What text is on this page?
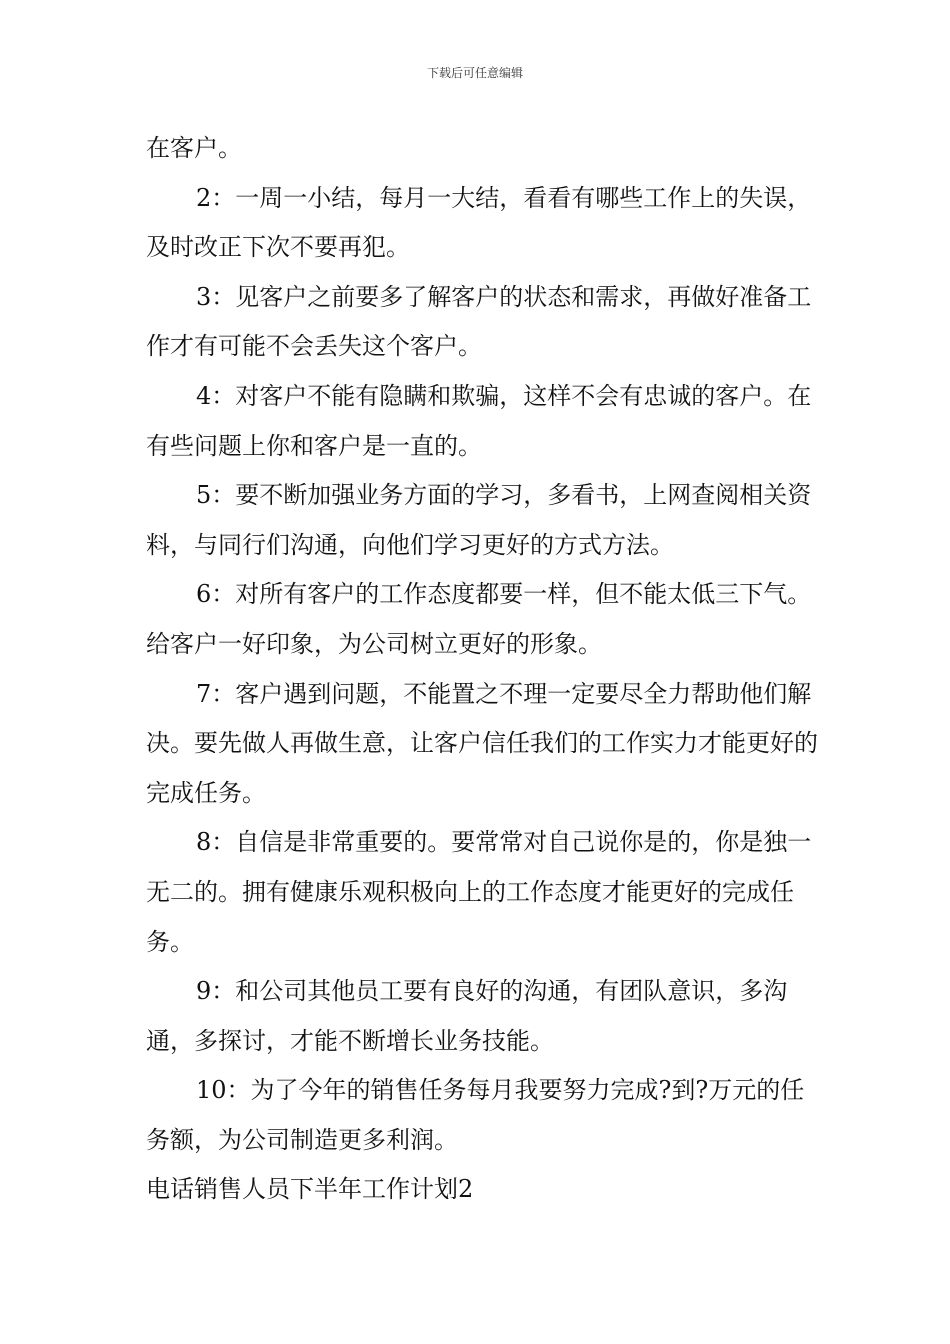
下载后可任意编辑

在客户。

2：一周一小结，每月一大结，看看有哪些工作上的失误，及时改正下次不要再犯。

3：见客户之前要多了解客户的状态和需求，再做好准备工作才有可能不会丢失这个客户。

4：对客户不能有隐瞒和欺骗，这样不会有忠诚的客户。在有些问题上你和客户是一直的。

5：要不断加强业务方面的学习，多看书，上网查阅相关资料，与同行们沟通，向他们学习更好的方式方法。

6：对所有客户的工作态度都要一样，但不能太低三下气。给客户一好印象，为公司树立更好的形象。

7：客户遇到问题，不能置之不理一定要尽全力帮助他们解决。要先做人再做生意，让客户信任我们的工作实力才能更好的完成任务。

8：自信是非常重要的。要常常对自己说你是的，你是独一无二的。拥有健康乐观积极向上的工作态度才能更好的完成任务。

9：和公司其他员工要有良好的沟通，有团队意识，多沟通，多探讨，才能不断增长业务技能。

10：为了今年的销售任务每月我要努力完成?到?万元的任务额，为公司制造更多利润。

电话销售人员下半年工作计划2
